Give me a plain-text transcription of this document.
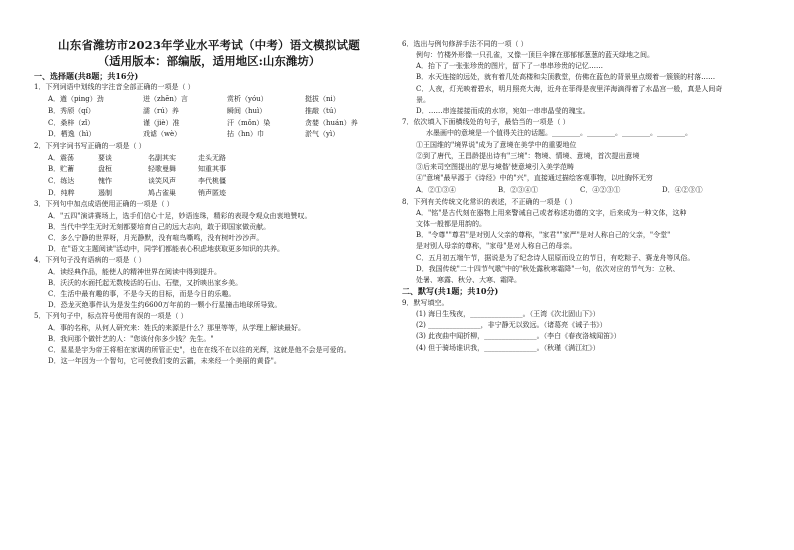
山东省潍坊市2023年学业水平考试（中考）语文模拟试题
（适用版本：部编版，适用地区:山东潍坊）
一、选择题(共8题；共16分)
1．下列词语中划线的字注音全部正确的一项是（ ）
A．遒（ping）劲	迸（zhēn）言	赏析（yóu）	挺拔（ni）
B．秀颀（qí）	濡（rú）养	瞬间（huì）	推敲（tú）
C．桑梓（zǐ）	谨（jiè）准	汗（mǒn）染	贪婪（huán）养
D．栖逸（hì）	戏谑（wè）	拈（hn）巾	淤气（yì）
2．下列字词书写正确的一项是（ ）
A．震荡	要谈	名副其实	走头无路
B．贮蓄	盘桓	轻歌曼舞	知重其事
C．练达	愧怍	谈笑风声	李代桃僵
D．纯粹	遏制	鸠占雀巢	销声匿迹
3．下列句中加点成语使用正确的一项是（ ）
A．"五四"演讲赛场上，选手们信心十足，妙语连珠，精彩的表现令观众由衷地赞叹。
B．当代中学生无时无刻都要培育自己的远大志向，敢于即国家做贡献。
C．多么宁静的世界呀，月光静默，没有喧鸟嘶鸣，没有树叶沙沙声。
D．在"语文主题阅读"活动中，同学们都能表心积虑地获取更多知识的共养。
4．下列句子没有语病的一项是（ ）
A．读经典作品，能使人的精神世界在阅读中得到提升。
B．沃沃的水面托起无数棱活的石山、石壁，又折映出家乡美。
C．生活中最有趣的事，不是今天的目标，而是今日的乐趣。
D．恐龙灭绝事件认为是发生约6600万年前的一颗小行星撞击地球所导致。
5．下列句子中，标点符号使用有误的一项是（ ）
A．事的名称，从何人研究来：姓氏的来源是什么？那里等等，从学理上解读最好。
B．我问那个做针艺的人："您该付你多少钱？先生。"
C．星星是宇为帝王将相在家调的所管正史"，也在在线不在以往的光辉，这就是他不会是可爱的。
D．这一年因为一个智句，它可使我们变的云霸，未来经一个美丽的黄昏"。
6．选出与例句修辞手法不同的一项（ ）
例句：竹楼外形像一只孔雀，又像一顶巨伞撑在那郁郁葱葱的蓝天绿地之间。
A．抬下了一张张珍贵的图片，留下了一串串珍贵的记忆……
B．水天连接的远处，就有着几处高楼和尖顶教堂，仿佛在蓝色的背景里点缀着一簇簇的村落……
C．人夜，灯光映着碧水，明月照亮大海，近舟在菲得是夜里洋海滴得着了水晶宫一般，真是人间奇
景。
D．……串连接接而成的水帘，宛如一串串晶莹的瑰宝。
7．依次填入下面横线处的句子，最恰当的一项是（ ）
水墨画中的意境是一个值得关注的话题。________。________。________。________。
①王国维的"境界说"成为了意境在美学中的重要地位
②到了唐代，王昌龄提出诗有"三境"：物境、情境、意境，首次提出意境
③后来司空图提出的'思与境偕'使意境引入美学范畴
④"意境"最早源于《诗经》中的"兴"，直接通过描绘客观事物，以吐胸怀无穷
A．②①③④	B．②③④①	C．④②③①	D．④②③①
8．下列有关传统文化常识的表述，不正确的一项是（ ）
A．"铭"是古代刻在器物上用来警诫自己或者称述功德的文字，后来成为一种文体，这种
文体一般都是用韵的。
B．"令尊""尊君"是对别人父亲的尊称，"家君""家严"是对人称自己的父亲，"令堂"
是对别人母亲的尊称，"家母"是对人称自己的母亲。
C．五月初五端午节，据说是为了纪念诗人屈原而设立的节日，有吃粽子、赛龙舟等风俗。
D．我国传统"二十四节气歌"中的"秋处露秋寒霜降"一句，依次对应的节气为：立秋、
处暑、寒露、秋分、大寒、霜降。
二、默写(共1题；共10分)
9．默写填空。
(1) 海日生残夜，_______________。（王湾《次北固山下》）
(2) _______________，非宁静无以致远。（诸葛亮《诫子书》）
(3) 此夜曲中闻折柳，_______________。（李白《春夜洛城闻笛》）
(4) 但于骑场谁识我，_______________。（秋瑾《满江红》）
